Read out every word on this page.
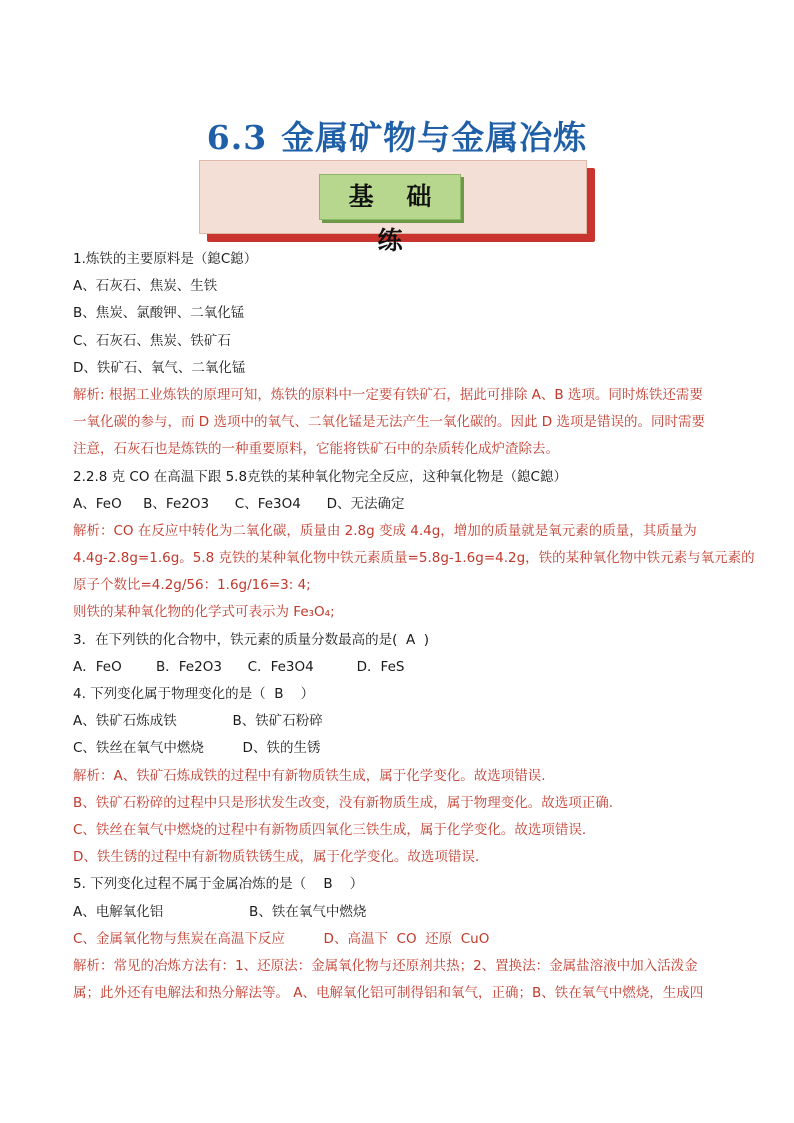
6.3 金属矿物与金属冶炼
基 础 练
1.炼铁的主要原料是（鎴C鎴）
A、石灰石、焦炭、生铁
B、焦炭、氯酸钾、二氧化锰
C、石灰石、焦炭、铁矿石
D、铁矿石、氧气、二氧化锰
解析: 根据工业炼铁的原理可知，炼铁的原料中一定要有铁矿石，据此可排除 A、B 选项。同时炼铁还需要
一氧化碳的参与，而 D 选项中的氧气、二氧化锰是无法产生一氧化碳的。因此 D 选项是错误的。同时需要
注意，石灰石也是炼铁的一种重要原料，它能将铁矿石中的杂质转化成炉渣除去。
2.2.8 克 CO 在高温下跟 5.8克铁的某种氧化物完全反应，这种氧化物是（鎴C鎴）
A、FeO     B、Fe2O3      C、Fe3O4      D、无法确定
解析：CO 在反应中转化为二氧化碳，质量由 2.8g 变成 4.4g，增加的质量就是氧元素的质量，其质量为
4.4g-2.8g=1.6g。5.8 克铁的某种氧化物中铁元素质量=5.8g-1.6g=4.2g，铁的某种氧化物中铁元素与氧元素的
原子个数比=4.2g/56：1.6g/16=3: 4;
则铁的某种氧化物的化学式可表示为 Fe₃O₄;
3．在下列铁的化合物中，铁元素的质量分数最高的是(  A  )
A．FeO        B．Fe2O3      C．Fe3O4          D．FeS
4. 下列变化属于物理变化的是（  B    ）
A、铁矿石炼成铁             B、铁矿石粉碎
C、铁丝在氧气中燃烧         D、铁的生锈
解析：A、铁矿石炼成铁的过程中有新物质铁生成，属于化学变化。故选项错误.
B、铁矿石粉碎的过程中只是形状发生改变，没有新物质生成，属于物理变化。故选项正确.
C、铁丝在氧气中燃烧的过程中有新物质四氧化三铁生成，属于化学变化。故选项错误.
D、铁生锈的过程中有新物质铁锈生成，属于化学变化。故选项错误.
5. 下列变化过程不属于金属冶炼的是（    B    ）
A、电解氧化铝                    B、铁在氧气中燃烧
C、金属氧化物与焦炭在高温下反应         D、高温下  CO  还原  CuO
解析：常见的冶炼方法有：1、还原法：金属氧化物与还原剂共热；2、置换法：金属盐溶液中加入活泼金
属；此外还有电解法和热分解法等。 A、电解氧化铝可制得铝和氧气，正确；B、铁在氧气中燃烧，生成四
